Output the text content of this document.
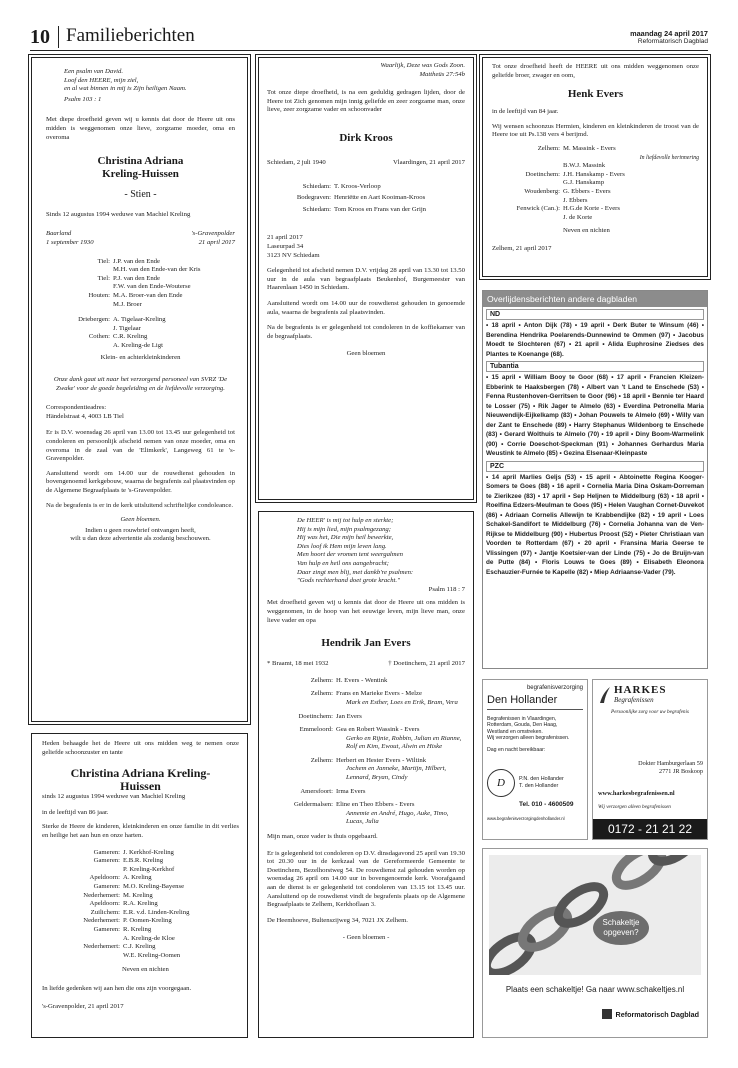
10 Familieberichten	maandag 24 april 2017
Reformatorisch Dagblad
Een psalm van David.
Loof den HEERE, mijn ziel,
en al wat binnen in mij is Zijn heiligen Naam.
Psalm 103 : 1
Met diepe droefheid geven wij u kennis dat door de Heere uit ons midden is weggenomen onze lieve, zorgzame moeder, oma en overoma
Christina Adriana
Kreling-Huissen
- Stien -
Sinds 12 augustus 1994 weduwe van Machiel Kreling
Baarland
1 september 1930
's-Gravenpolder
21 april 2017
Tiel: J.P. van den Ende
M.H. van den Ende-van der Kris
Tiel: P.J. van den Ende
F.W. van den Ende-Wouterse
Houten: M.A. Broer-van den Ende
M.J. Broer
Driebergen: A. Tigelaar-Kreling
J. Tigelaar
Cothen: C.R. Kreling
A. Kreling-de Ligt
Klein- en achterkleinkinderen
Onze dank gaat uit naar het verzorgend personeel van SVRZ 'De Zwake' voor de goede begeleiding en de liefdevolle verzorging.
Correspondentieadres:
Händelstraat 4, 4003 LB Tiel
Er is D.V. woensdag 26 april van 13.00 tot 13.45 uur gelegenheid tot condoleren en persoonlijk afscheid nemen van onze moeder, oma en overoma in de zaal van de 'Elimkerk', Langeweg 61 te 's-Gravenpolder.
Aansluitend wordt om 14.00 uur de rouwdienst gehouden in bovengenoemd kerkgebouw, waarna de begrafenis zal plaatsvinden op de Algemene Begraafplaats te 's-Gravenpolder.
Na de begrafenis is er in de kerk uitsluitend schriftelijke condoleance.
Geen bloemen.
Indien u geen rouwbrief ontvangen heeft,
wilt u dan deze advertentie als zodanig beschouwen.
Heden behaagde het de Heere uit ons midden weg te nemen onze geliefde schoonzuster en tante
Christina Adriana Kreling-
Huissen
sinds 12 augustus 1994 weduwe van Machiel Kreling
in de leeftijd van 86 jaar.
Sterke de Heere de kinderen, kleinkinderen en onze familie in dit verlies en heilige het aan hun en onze harten.
Gameren: J. Kerkhof-Kreling
Gameren: E.B.R. Kreling
P. Kreling-Kerkhof
Apeldoorn: A. Kreling
Gameren: M.O. Kreling-Bayense
Nederhemert: M. Kreling
Apeldoorn: R.A. Kreling
Zuilichem: E.R. v.d. Linden-Kreling
Nederhemert: P. Oomen-Kreling
Gameren: R. Kreling
A. Kreling-de Kloe
Nederhemert: C.J. Kreling
W.E. Kreling-Oomen
Neven en nichten
In liefde gedenken wij aan hen die ons zijn voorgegaan.
's-Gravenpolder, 21 april 2017
Waarlijk, Deze was Gods Zoon.
Mattheüs 27:54b
Tot onze diepe droefheid, is na een geduldig gedragen lijden, door de Heere tot Zich genomen mijn innig geliefde en zeer zorgzame man, onze lieve, zeer zorgzame vader en schoonvader
Dirk Kroos
Schiedam, 2 juli 1940	Vlaardingen, 21 april 2017
Schiedam: T. Kroos-Verloop
Bodegraven: Henriëtte en Aart Kooiman-Kroos
Schiedam: Tom Kroos en Frans van der Grijn
21 april 2017
Laseurpad 34
3123 NV Schiedam
Gelegenheid tot afscheid nemen D.V. vrijdag 28 april van 13.30 tot 13.50 uur in de aula van begraafplaats Beukenhof, Burgemeester van Haarenlaan 1450 in Schiedam.
Aansluitend wordt om 14.00 uur de rouwdienst gehouden in genoemde aula, waarna de begrafenis zal plaatsvinden.
Na de begrafenis is er gelegenheid tot condoleren in de koffiekamer van de begraafplaats.
Geen bloemen
De HEER' is mij tot hulp en sterkte;
Hij is mijn lied, mijn psalmgezang;
Hij was het, Die mijn heil bewerkte,
Dies loof ik Hem mijn leven lang.
Men hoort der vromen tent weergalmen
Van hulp en heil ons aangebracht;
Daar zingt men blij, met dankb're psalmen:
"Gods rechterhand doet grote kracht."
Psalm 118 : 7
Met droefheid geven wij u kennis dat door de Heere uit ons midden is weggenomen, in de hoop van het eeuwige leven, mijn lieve man, onze lieve vader en opa
Hendrik Jan Evers
* Braamt, 18 mei 1932	† Doetinchem, 21 april 2017
Zelhem: H. Evers - Wentink
Zelhem: Frans en Marieke Evers - Melze
Mark en Esther, Loes en Erik, Bram, Vera
Doetinchem: Jan Evers
Emmeloord: Gea en Robert Wassink - Evers
Gerko en Rijnie, Robbin, Julian en Rianne, Rolf en Kim, Ewout, Alwin en Hiske
Zelhem: Herbert en Hester Evers - Wiltink
Jochem en Janneke, Martijn, Hilbert, Lennard, Bryan, Cindy
Amersfoort: Irma Evers
Geldermalsen: Eline en Theo Ebbers - Evers
Annemie en André, Hugo, Auke, Timo, Lucas, Julia
Mijn man, onze vader is thuis opgebaard.
Er is gelegenheid tot condoleren op D.V. dinsdagavond 25 april van 19.30 tot 20.30 uur in de kerkzaal van de Gereformeerde Gemeente te Doetinchem, Bezelhorstweg 54. De rouwdienst zal gehouden worden op woensdag 26 april om 14.00 uur in bovengenoemde kerk. Voorafgaand aan de dienst is er gelegenheid tot condoleren van 13.15 tot 13.45 uur. Aansluitend op de rouwdienst vindt de begrafenis plaats op de Algemene Begraafplaats te Zelhem, Kerkhoflaan 3.
De Heemhoeve, Bultenszijweg 34, 7021 JX Zelhem.
- Geen bloemen -
Tot onze droefheid heeft de HEERE uit ons midden weggenomen onze geliefde broer, zwager en oom,
Henk Evers
in de leeftijd van 84 jaar.
Wij wensen schoonzus Hermien, kinderen en kleinkinderen de troost van de Heere toe uit Ps.138 vers 4 berijmd.
Zelhem: M. Massink - Evers
In liefdevolle herinnering
B.W.J. Massink
Doetinchem: J.H. Hanskamp - Evers
G.J. Hanskamp
Woudenberg: G. Ebbers - Evers
J. Ebbers
Fenwick (Can.): H.G.de Korte - Evers
J. de Korte
Neven en nichten
Zelhem, 21 april 2017
Overlijdensberichten andere dagbladen
ND
• 18 april • Anton Dijk (78) • 19 april • Derk Buter te Winsum (46) • Berendina Hendrika Poelarends-Dunnewind te Ommen (97) • Jacobus Moedt te Slochteren (67) • 21 april • Alida Euphrosine Ziedses des Plantes te Koenange (68).
Tubantia
• 15 april • William Booy te Goor (68) • 17 april • Francien Kleizen-Ebberink te Haaksbergen (78) • Albert van 't Land te Enschede (53) • Fenna Rustenhoven-Gerritsen te Goor (96) • 18 april • Bennie ter Haard te Losser (75) • Rik Jager te Almelo (63) • Everdina Petronella Maria Nieuwendijk-Eijkelkamp (83) • Johan Pouwels te Almelo (69) • Willy van der Zant te Enschede (89) • Harry Stephanus Wildenborg te Enschede (83) • Gerard Wolthuis te Almelo (70) • 19 april • Diny Boom-Warmelink (90) • Corrie Doeschot-Speckman (91) • Johannes Gerhardus Maria Weustink te Almelo (85) • Gezina Elsenaar-Kleinpaste
PZC
• 14 april Marlies Geljs (53) • 15 april • Abtoinette Regina Kooger-Somers te Goes (88) • 16 april • Cornelia Maria Dina Oskam-Dorreman te Zierikzee (83) • 17 april • Sep Heljnen te Middelburg (63) • 18 april • Roelfina Edzers-Meulman te Goes (95) • Helen Vaughan Cornet-Duvekot (86) • Adriaan Cornelis Allewijn te Krabbendijke (82) • 19 april • Loes Schakel-Sandifort te Middelburg (76) • Cornelia Johanna van de Ven-Rijkse te Middelburg (90) • Hubertus Proost (52) • Pieter Christiaan van Voorden te Rotterdam (67) • 20 april • Fransina Maria Geerse te Vlissingen (97) • Jantje Koetsier-van der Linde (75) • Jo de Bruijn-van de Putte (84) • Floris Louws te Goes (89) • Elisabeth Eleonora Eschauzier-Furnée te Kapelle (82) • Miep Adriaanse-Vader (79).
begrafenisverzorging
Den Hollander
Begrafenissen in Vlaardingen,
Rotterdam, Gouda, Den Haag,
Westland en omstreken.
Wij verzorgen alleen begrafenissen.
Dag en nacht bereikbaar:
D	P.N. den Hollander
T. den Hollander
Tel. 010 - 4600509
www.begrafenisverzorgingdenhollander.nl
HARKES
Begrafenissen
Persoonlijke zorg voor uw begrafenis
Dokter Hamburgerlaan 59
2771 JR Boskoop
www.harkesbegrafenissen.nl
Wij verzorgen alleen begrafenissen
0172 - 21 21 22
Schakeltje
opgeven?
Plaats een schakeltje! Ga naar www.schakeltjes.nl
Reformatorisch Dagblad
